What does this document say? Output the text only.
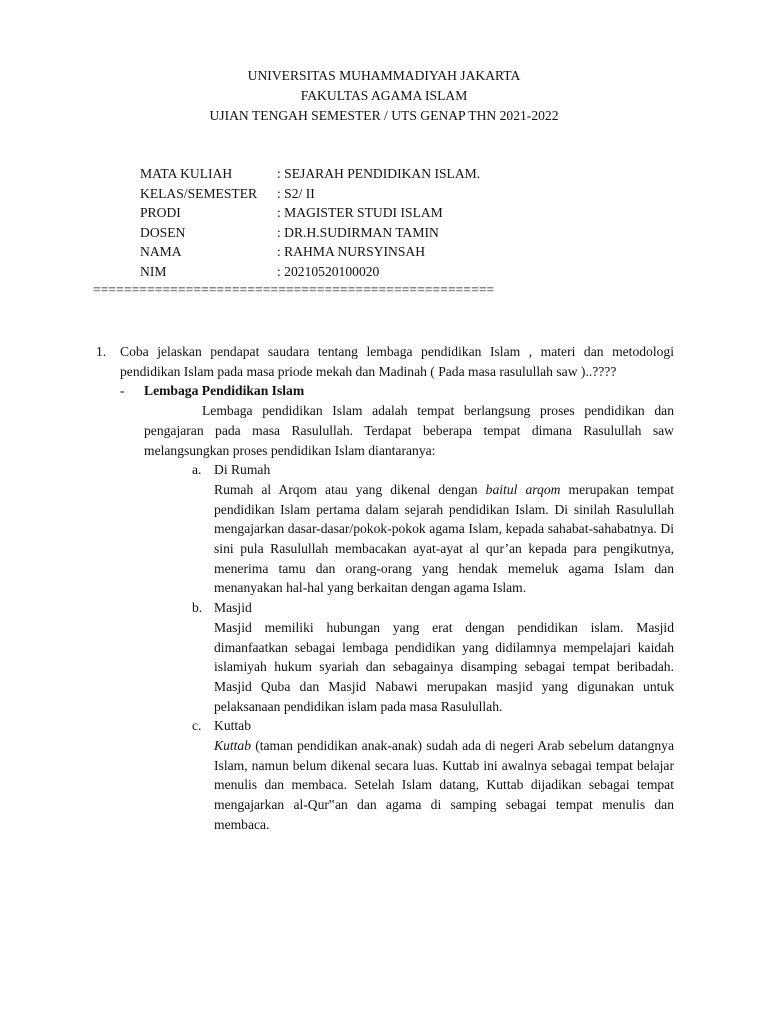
UNIVERSITAS MUHAMMADIYAH JAKARTA
FAKULTAS AGAMA ISLAM
UJIAN TENGAH SEMESTER / UTS GENAP THN 2021-2022
MATA KULIAH	: SEJARAH PENDIDIKAN ISLAM.
KELAS/SEMESTER	: S2/ II
PRODI	: MAGISTER STUDI ISLAM
DOSEN	: DR.H.SUDIRMAN TAMIN
NAMA	: RAHMA NURSYINSAH
NIM	: 20210520100020
====================================================
1.	Coba jelaskan pendapat saudara tentang lembaga pendidikan Islam , materi dan metodologi pendidikan Islam pada masa priode mekah dan Madinah ( Pada masa rasulullah saw )..????
-	Lembaga Pendidikan Islam
Lembaga pendidikan Islam adalah tempat berlangsung proses pendidikan dan pengajaran pada masa Rasulullah. Terdapat beberapa tempat dimana Rasulullah saw melangsungkan proses pendidikan Islam diantaranya:
a. Di Rumah
Rumah al Arqom atau yang dikenal dengan baitul arqom merupakan tempat pendidikan Islam pertama dalam sejarah pendidikan Islam. Di sinilah Rasulullah mengajarkan dasar-dasar/pokok-pokok agama Islam, kepada sahabat-sahabatnya. Di sini pula Rasulullah membacakan ayat-ayat al qur’an kepada para pengikutnya, menerima tamu dan orang-orang yang hendak memeluk agama Islam dan menanyakan hal-hal yang berkaitan dengan agama Islam.
b. Masjid
Masjid memiliki hubungan yang erat dengan pendidikan islam. Masjid dimanfaatkan sebagai lembaga pendidikan yang didilamnya mempelajari kaidah islamiyah hukum syariah dan sebagainya disamping sebagai tempat beribadah. Masjid Quba dan Masjid Nabawi merupakan masjid yang digunakan untuk pelaksanaan pendidikan islam pada masa Rasulullah.
c. Kuttab
Kuttab (taman pendidikan anak-anak) sudah ada di negeri Arab sebelum datangnya Islam, namun belum dikenal secara luas. Kuttab ini awalnya sebagai tempat belajar menulis dan membaca. Setelah Islam datang, Kuttab dijadikan sebagai tempat mengajarkan al-Qur‟an dan agama di samping sebagai tempat menulis dan membaca.
